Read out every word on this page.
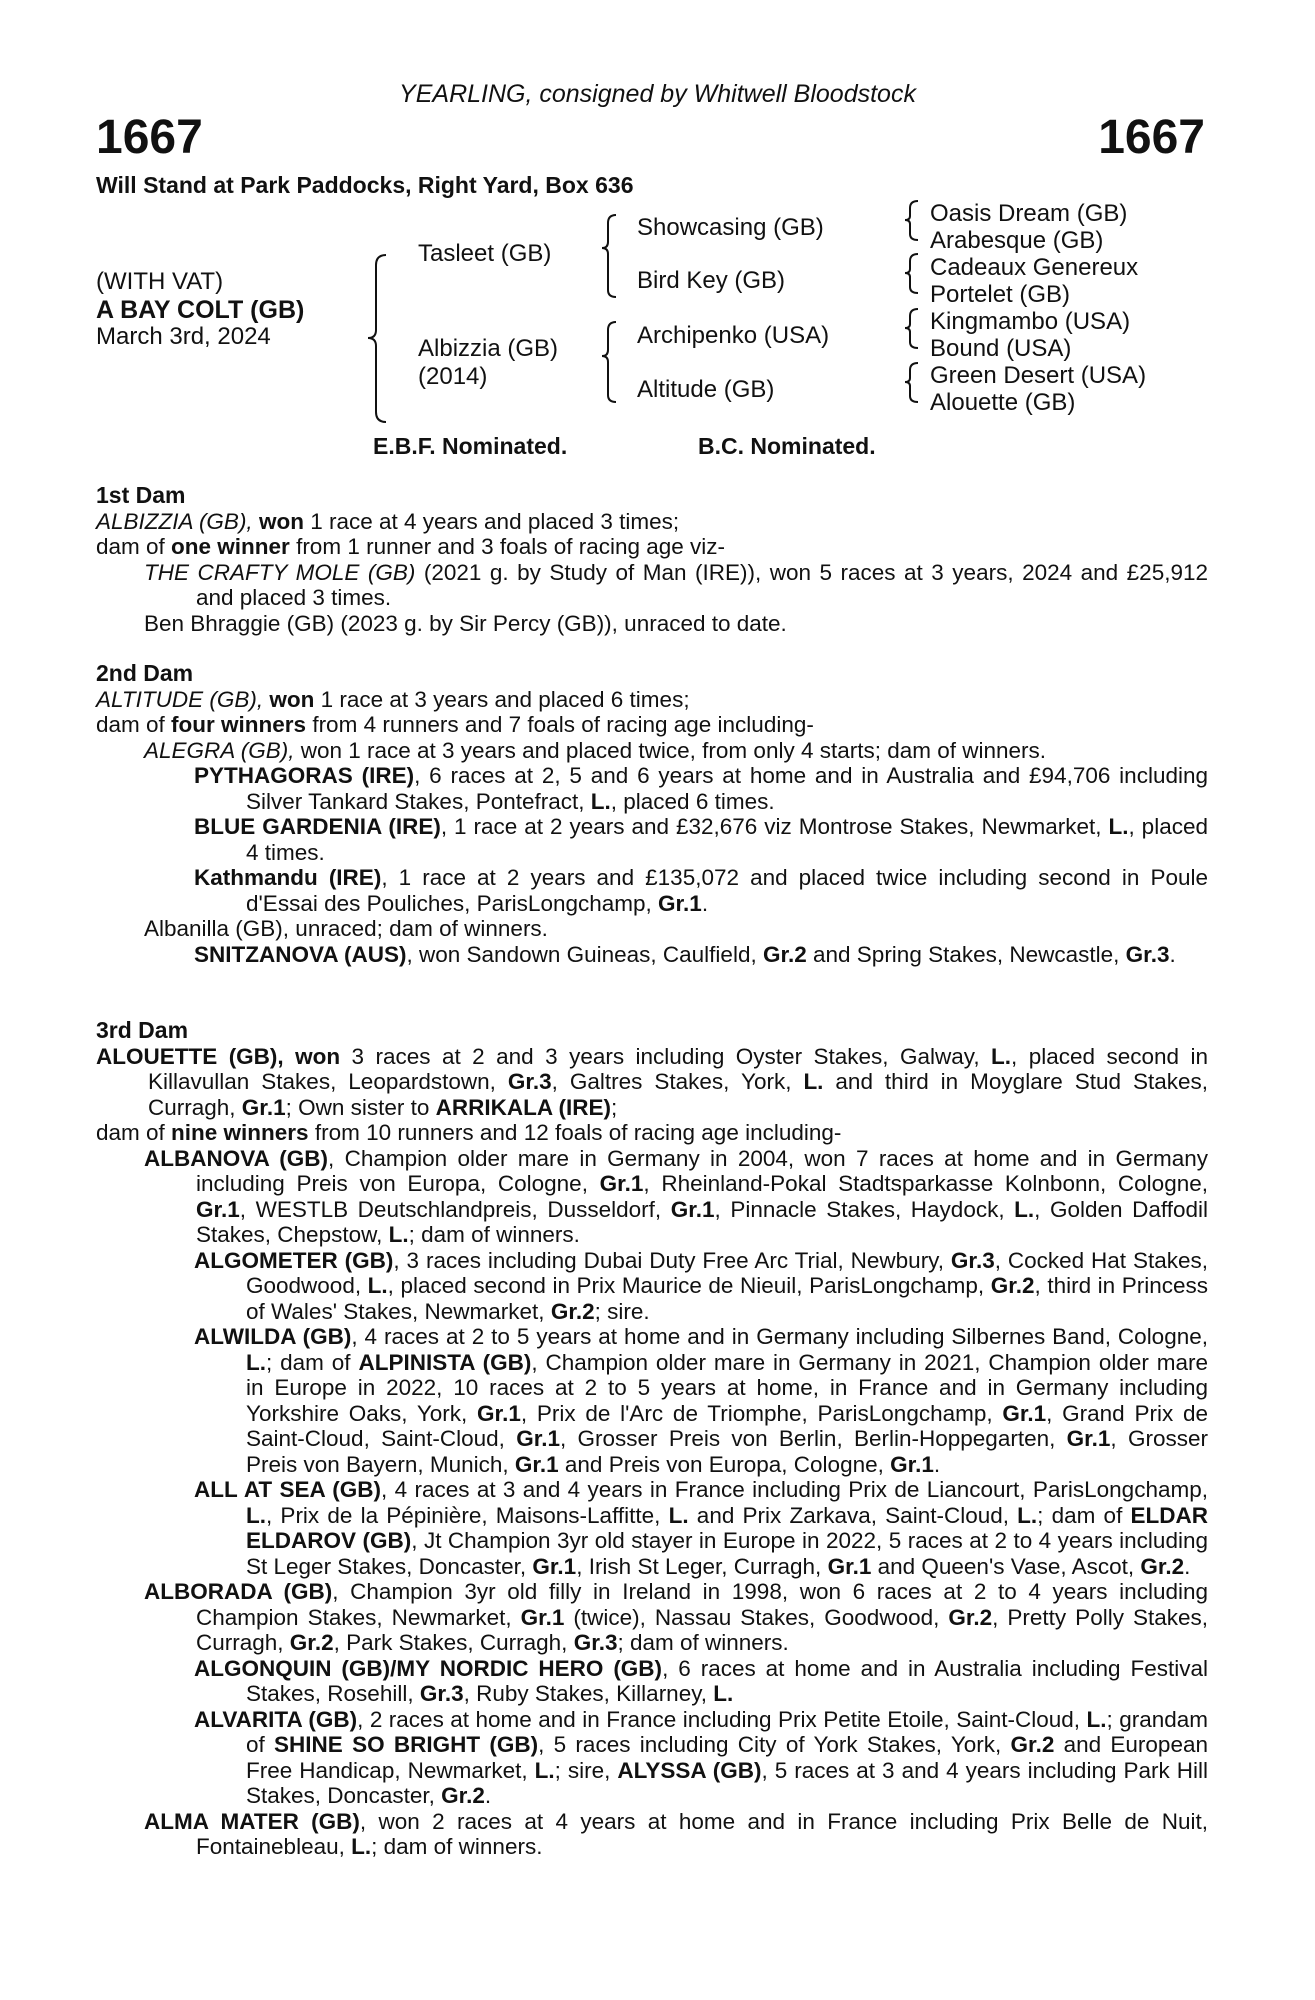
YEARLING, consigned by Whitwell Bloodstock
1667	1667
Will Stand at Park Paddocks, Right Yard, Box 636
(WITH VAT)
A BAY COLT (GB)
March 3rd, 2024
Tasleet (GB)
Albizzia (GB)
(2014)
Showcasing (GB)
Bird Key (GB)
Archipenko (USA)
Altitude (GB)
Oasis Dream (GB)
Arabesque (GB)
Cadeaux Genereux
Portelet (GB)
Kingmambo (USA)
Bound (USA)
Green Desert (USA)
Alouette (GB)
E.B.F. Nominated.	B.C. Nominated.
1st Dam

ALBIZZIA (GB), won 1 race at 4 years and placed 3 times;

dam of one winner from 1 runner and 3 foals of racing age viz-

THE CRAFTY MOLE (GB) (2021 g. by Study of Man (IRE)), won 5 races at 3 years, 2024 and £25,912 and placed 3 times.

Ben Bhraggie (GB) (2023 g. by Sir Percy (GB)), unraced to date.

2nd Dam

ALTITUDE (GB), won 1 race at 3 years and placed 6 times;

dam of four winners from 4 runners and 7 foals of racing age including-

ALEGRA (GB), won 1 race at 3 years and placed twice, from only 4 starts; dam of winners.

PYTHAGORAS (IRE), 6 races at 2, 5 and 6 years at home and in Australia and £94,706 including Silver Tankard Stakes, Pontefract, L., placed 6 times.

BLUE GARDENIA (IRE), 1 race at 2 years and £32,676 viz Montrose Stakes, Newmarket, L., placed 4 times.

Kathmandu (IRE), 1 race at 2 years and £135,072 and placed twice including second in Poule d'Essai des Pouliches, ParisLongchamp, Gr.1.

Albanilla (GB), unraced; dam of winners.

SNITZANOVA (AUS), won Sandown Guineas, Caulfield, Gr.2 and Spring Stakes, Newcastle, Gr.3.

3rd Dam

ALOUETTE (GB), won 3 races at 2 and 3 years including Oyster Stakes, Galway, L., placed second in Killavullan Stakes, Leopardstown, Gr.3, Galtres Stakes, York, L. and third in Moyglare Stud Stakes, Curragh, Gr.1; Own sister to ARRIKALA (IRE);

dam of nine winners from 10 runners and 12 foals of racing age including-

ALBANOVA (GB), Champion older mare in Germany in 2004, won 7 races at home and in Germany including Preis von Europa, Cologne, Gr.1, Rheinland-Pokal Stadtsparkasse Kolnbonn, Cologne, Gr.1, WESTLB Deutschlandpreis, Dusseldorf, Gr.1, Pinnacle Stakes, Haydock, L., Golden Daffodil Stakes, Chepstow, L.; dam of winners.

ALGOMETER (GB), 3 races including Dubai Duty Free Arc Trial, Newbury, Gr.3, Cocked Hat Stakes, Goodwood, L., placed second in Prix Maurice de Nieuil, ParisLongchamp, Gr.2, third in Princess of Wales' Stakes, Newmarket, Gr.2; sire.

ALWILDA (GB), 4 races at 2 to 5 years at home and in Germany including Silbernes Band, Cologne, L.; dam of ALPINISTA (GB), Champion older mare in Germany in 2021, Champion older mare in Europe in 2022, 10 races at 2 to 5 years at home, in France and in Germany including Yorkshire Oaks, York, Gr.1, Prix de l'Arc de Triomphe, ParisLongchamp, Gr.1, Grand Prix de Saint-Cloud, Saint-Cloud, Gr.1, Grosser Preis von Berlin, Berlin-Hoppegarten, Gr.1, Grosser Preis von Bayern, Munich, Gr.1 and Preis von Europa, Cologne, Gr.1.

ALL AT SEA (GB), 4 races at 3 and 4 years in France including Prix de Liancourt, ParisLongchamp, L., Prix de la Pépinière, Maisons-Laffitte, L. and Prix Zarkava, Saint-Cloud, L.; dam of ELDAR ELDAROV (GB), Jt Champion 3yr old stayer in Europe in 2022, 5 races at 2 to 4 years including St Leger Stakes, Doncaster, Gr.1, Irish St Leger, Curragh, Gr.1 and Queen's Vase, Ascot, Gr.2.

ALBORADA (GB), Champion 3yr old filly in Ireland in 1998, won 6 races at 2 to 4 years including Champion Stakes, Newmarket, Gr.1 (twice), Nassau Stakes, Goodwood, Gr.2, Pretty Polly Stakes, Curragh, Gr.2, Park Stakes, Curragh, Gr.3; dam of winners.

ALGONQUIN (GB)/MY NORDIC HERO (GB), 6 races at home and in Australia including Festival Stakes, Rosehill, Gr.3, Ruby Stakes, Killarney, L.

ALVARITA (GB), 2 races at home and in France including Prix Petite Etoile, Saint-Cloud, L.; grandam of SHINE SO BRIGHT (GB), 5 races including City of York Stakes, York, Gr.2 and European Free Handicap, Newmarket, L.; sire, ALYSSA (GB), 5 races at 3 and 4 years including Park Hill Stakes, Doncaster, Gr.2.

ALMA MATER (GB), won 2 races at 4 years at home and in France including Prix Belle de Nuit, Fontainebleau, L.; dam of winners.
